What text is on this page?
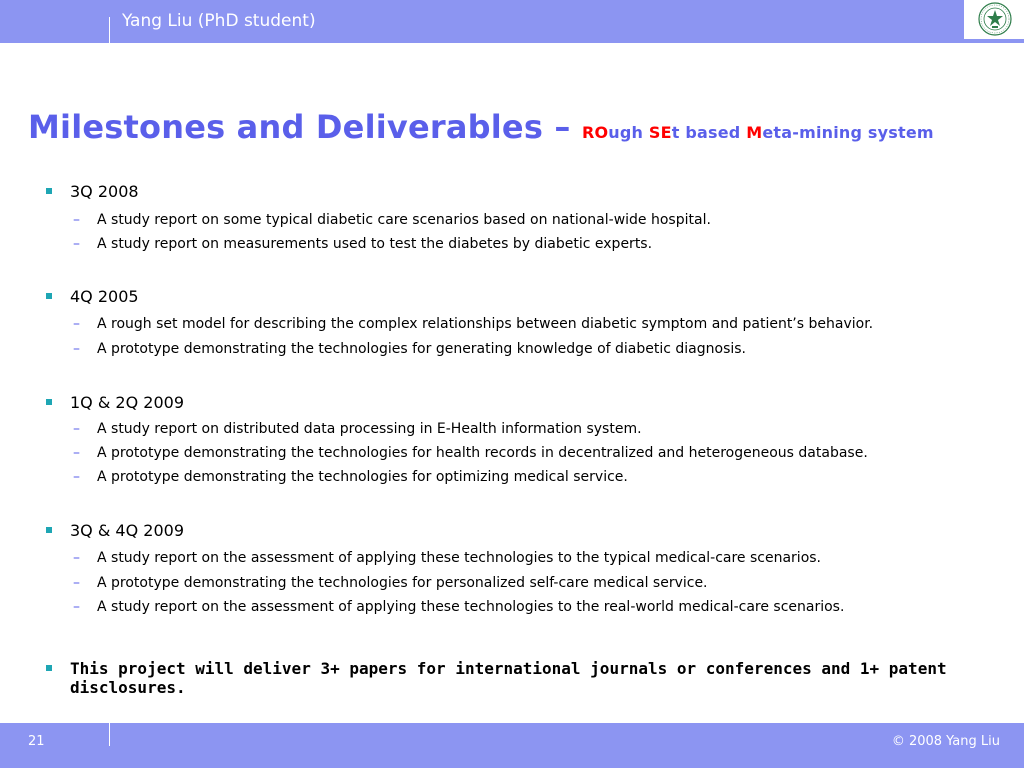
Yang Liu (PhD student)
Milestones and Deliverables – ROugh SEt based Meta-mining system
3Q 2008
– A study report on some typical diabetic care scenarios based on national-wide hospital.
– A study report on measurements used to test the diabetes by diabetic experts.
4Q 2005
– A rough set model for describing the complex relationships between diabetic symptom and patient’s behavior.
– A prototype demonstrating the technologies for generating knowledge of diabetic diagnosis.
1Q & 2Q 2009
– A study report on distributed data processing in E-Health information system.
– A prototype demonstrating the technologies for health records in decentralized and heterogeneous database.
– A prototype demonstrating the technologies for optimizing medical service.
3Q & 4Q 2009
– A study report on the assessment of applying these technologies to the typical medical-care scenarios.
– A prototype demonstrating the technologies for personalized self-care medical service.
– A study report on the assessment of applying these technologies to the real-world medical-care scenarios.
This project will deliver 3+ papers for international journals or conferences and 1+ patent disclosures.
21	© 2008 Yang Liu
